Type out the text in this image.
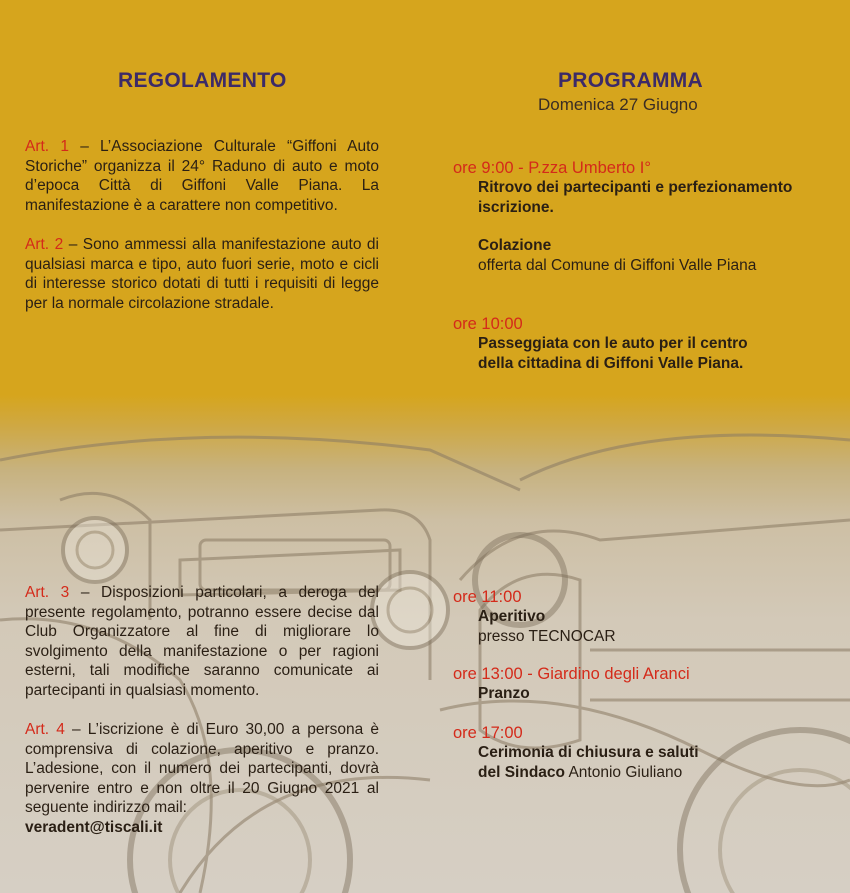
REGOLAMENTO
Art. 1 – L’Associazione Culturale “Giffoni Auto Storiche” organizza il 24° Raduno di auto e moto d’epoca Città di Giffoni Valle Piana. La manifestazione è a carattere non competitivo.
Art. 2 – Sono ammessi alla manifestazione auto di qualsiasi marca e tipo, auto fuori serie, moto e cicli di interesse storico dotati di tutti i requisiti di legge per la normale circolazione stradale.
Art. 3 – Disposizioni particolari, a deroga del presente regolamento, potranno essere decise dal Club Organizzatore al fine di migliorare lo svolgimento della manifestazione o per ragioni esterni, tali modifiche saranno comunicate ai partecipanti in qualsiasi momento.
Art. 4 – L’iscrizione è di Euro 30,00 a persona è comprensiva di colazione, aperitivo e pranzo. L’adesione, con il numero dei partecipanti, dovrà pervenire entro e non oltre il 20 Giugno 2021 al seguente indirizzo mail:
veradent@tiscali.it
PROGRAMMA
Domenica 27 Giugno
ore 9:00 - P.zza Umberto I°
Ritrovo dei partecipanti e perfezionamento
iscrizione.
Colazione
offerta dal Comune di Giffoni Valle Piana
ore 10:00
Passeggiata con le auto per il centro
della cittadina di Giffoni Valle Piana.
ore 11:00
Aperitivo
presso TECNOCAR
ore 13:00 - Giardino degli Aranci
Pranzo
ore 17:00
Cerimonia di chiusura e saluti
del Sindaco Antonio Giuliano
